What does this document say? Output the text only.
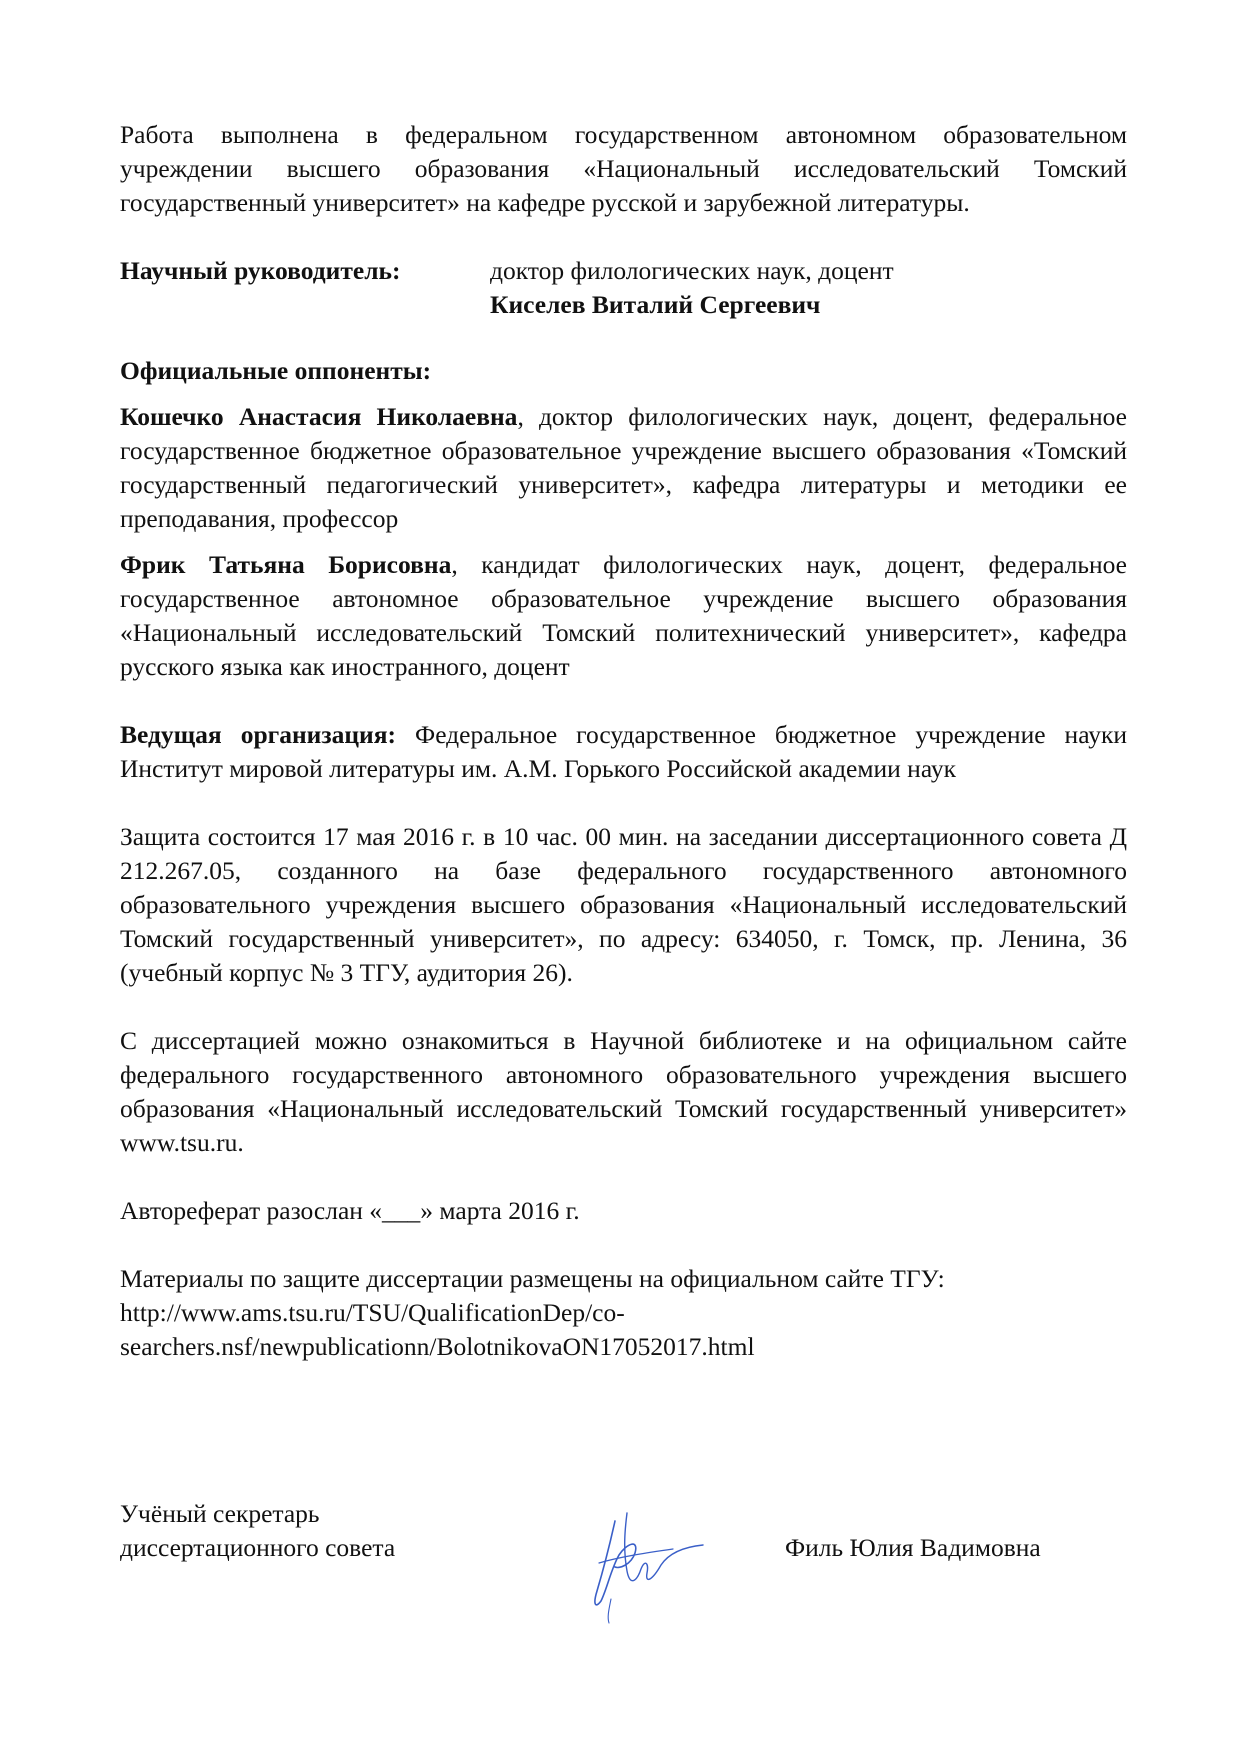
Работа выполнена в федеральном государственном автономном образовательном учреждении высшего образования «Национальный исследовательский Томский государственный университет» на кафедре русской и зарубежной литературы.

Научный руководитель:	доктор филологических наук, доцент
Киселев Виталий Сергеевич

Официальные оппоненты:

Кошечко Анастасия Николаевна, доктор филологических наук, доцент, федеральное государственное бюджетное образовательное учреждение высшего образования «Томский государственный педагогический университет», кафедра литературы и методики ее преподавания, профессор

Фрик Татьяна Борисовна, кандидат филологических наук, доцент, федеральное государственное автономное образовательное учреждение высшего образования «Национальный исследовательский Томский политехнический университет», кафедра русского языка как иностранного, доцент

Ведущая организация: Федеральное государственное бюджетное учреждение науки Институт мировой литературы им. А.М. Горького Российской академии наук

Защита состоится 17 мая 2016 г. в 10 час. 00 мин. на заседании диссертационного совета Д 212.267.05, созданного на базе федерального государственного автономного образовательного учреждения высшего образования «Национальный исследовательский Томский государственный университет», по адресу: 634050, г. Томск, пр. Ленина, 36 (учебный корпус № 3 ТГУ, аудитория 26).

С диссертацией можно ознакомиться в Научной библиотеке и на официальном сайте федерального государственного автономного образовательного учреждения высшего образования «Национальный исследовательский Томский государственный университет» www.tsu.ru.

Автореферат разослан «___» марта 2016 г.

Материалы по защите диссертации размещены на официальном сайте ТГУ:
http://www.ams.tsu.ru/TSU/QualificationDep/co-
searchers.nsf/newpublicationn/BolotnikovaON17052017.html

Учёный секретарь
диссертационного совета	Филь Юлия Вадимовна
